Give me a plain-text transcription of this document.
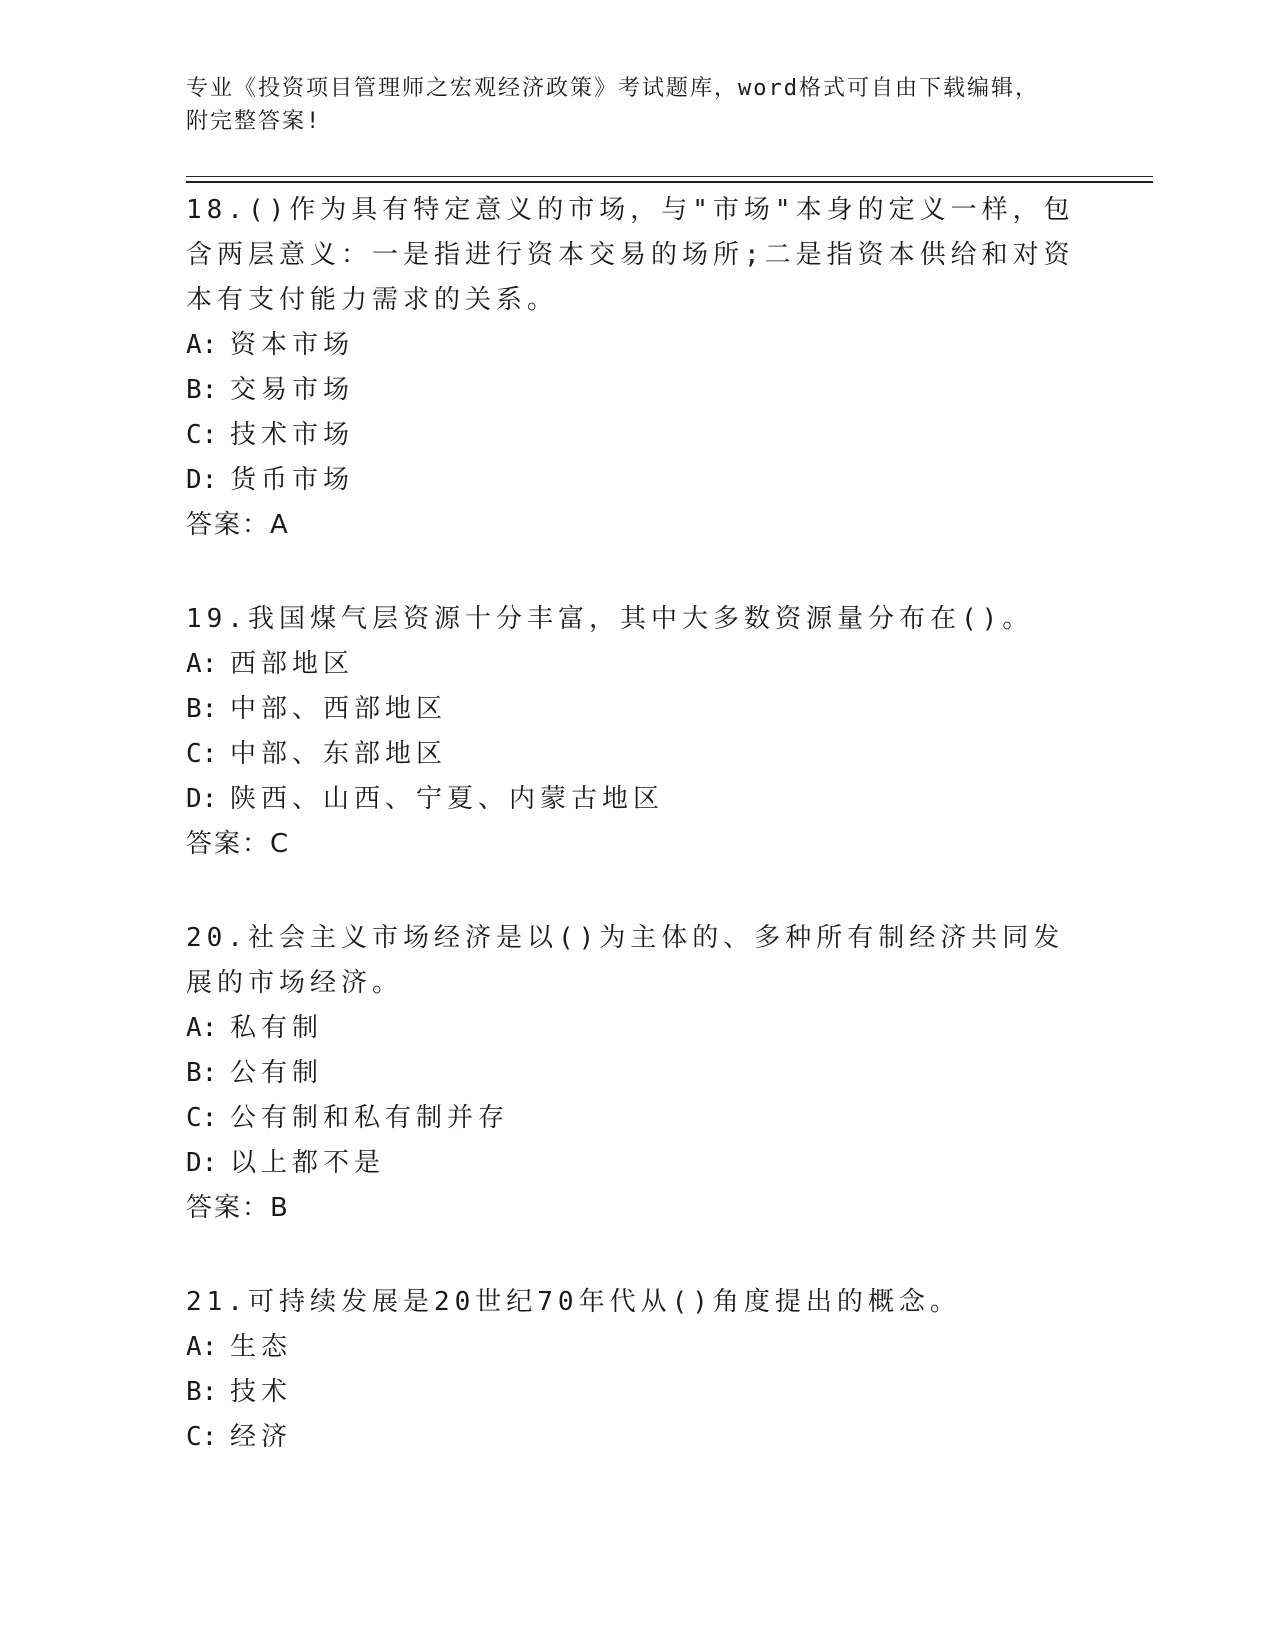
专业《投资项目管理师之宏观经济政策》考试题库，word格式可自由下载编辑，
附完整答案!

18.()作为具有特定意义的市场，与"市场"本身的定义一样，包含两层意义：一是指进行资本交易的场所;二是指资本供给和对资本有支付能力需求的关系。

A: 资本市场

B: 交易市场

C: 技术市场

D: 货币市场

答案：A

19.我国煤气层资源十分丰富，其中大多数资源量分布在()。

A: 西部地区

B: 中部、西部地区

C: 中部、东部地区

D: 陕西、山西、宁夏、内蒙古地区

答案：C

20.社会主义市场经济是以()为主体的、多种所有制经济共同发展的市场经济。

A: 私有制

B: 公有制

C: 公有制和私有制并存

D: 以上都不是

答案：B

21.可持续发展是20世纪70年代从()角度提出的概念。

A: 生态

B: 技术

C: 经济
